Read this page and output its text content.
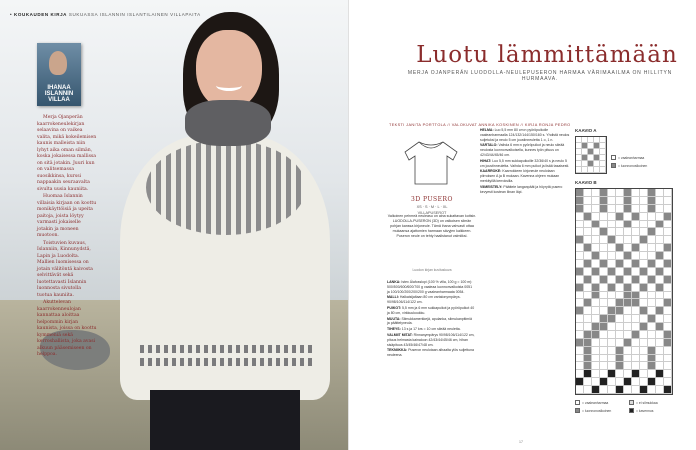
• KOUKAUDEN KIRJA SUKUASSA ISLANNIN ISLANTILAINEN VILLAPAITA
IHANAA ISLANNIN VILLAA

Merja Ojanperän kaarrokeneulekirjan selaavina on vaikea valita, mikä kokeilemisen kaunis malleista niin lyhyt aika oman silmän, koska jokaisessa mallissa on sitä jotakin. Juuri kun on valitsemassa suosikkinsa, kurssi nappaakin seuraavalta sivulta uusia kauniita.

Huomaa Islannin villaisia kirjaan on koottu monikäyttöisiä ja upeita paitoja, joista löytyy varmasti jokaiselle jotakin ja moneen muotoon.

Toistuvien kuvaus, Islanniin, Kinnunydstä, Lapin ja Luodolta. Mallien luomisessa on jotain välitöntä kaivosta selvittävät sekä luotettavasti Islannin luonnosta sivutolla tuotua kauniita.

Akuttelevan kaarrokenneulojan kannattaa aloittaa helpommin kirjan kaunista, joissa on koottu kymmeniä sekä kerroshallista, joka avasi alkuun pääsemiseen on helppoa.

Luotu lämmittämään
MERJA OJANPERÄN LUODOLLA-NEULEPUSERON HARMAA VÄRIMAAILMA ON HILLITYN HURMAAVA.
TEKSTI JANITA PORTTOLA // VALOKUVAT ANNIKA KOSKINEN // KIRJA RONJA PEDRO
3D PUSERO
XS · S · M · L · XL
VILLAPUSEROT
Valkoinen pehmeä neuleasu on aina sukattavan kotisin. LUODOLLA-PUSERON (3D) on valkoisen silmän pohjan kanssa kirjoneule. Tämä ihana vahvasti ottaa mukaansa ajattomien harmaan sävyjen kaikkeen. Puseron neule on tehty haalistanut valmiiksi.
Luodon kirjan kuvituskuva

LANKA: Istex Álafosslopi (100 % villa, 100 g = 100 m): 500/500/600/600/700 g vaaleaa luonnonvalkoista 0051 ja 100/100/200/200/200 g vaaleanharmaata 0054.

MALLI: Halkaisijaltaan 80 cm vartalonympärys. 90/98/106/114/122 cm.

PUIKOT: 5,5 mm ja 6 mm sukkapuikot ja pyöröpuikot 40 ja 80 cm, virkkuukoukku.

MUUTA: Silmukkamerkkejä, apulanka, silmukanpitimiä ja päättelyneula.

TIHEYS: 13 s ja 17 krs = 10 cm sileää neuletta.

VALMIIT MITAT: Rinnanympärys 90/98/106/114/122 cm, pituus helmasta kainaloon 42/43/44/45/46 cm, hihan sisäpituus 43/45/46/47/48 cm.

TEKNIIKKA: Puseron neulotaan alhaalta ylös suljettuna neuleena.

HELMA: Luo 5,5 mm 80 cm:n pyöröpuikolle vaaleanharmaalla 124/132/144/150/160 s. Yhdistä neulos suljetuksi ja neulo 5 cm joustinneuletta 1 o, 1 n.

VARTALO: Vaihda 6 mm:n pyöröpuikot ja neulo sileää neulosta luonnonvalkoisella, kunnes työn pituus on 42/43/44/45/46 cm.

HIHAT: Luo 5,5 mm sukkapuikoille 32/36/40 s ja neulo 5 cm joustinneuletta. Vaihda 6 mm puikot ja lisää tasaisesti.

KAARROKE: Kaarrokkeen kirjoneule neulotaan piirroksen A ja B mukaan. Kavenna ohjeen mukaan merkityillä kerroksilla.

VIIMEISTELY: Päättele langanpäät ja höyrytä pusero kevyesti kostean liinan läpi.

KAAVIO A
= vaaleanharmaa
= luonnonvalkoinen
KAAVIO B
= vaaleanharmaa
= luonnonvalkoinen
= ei silmukkaa
= kavennus
17
